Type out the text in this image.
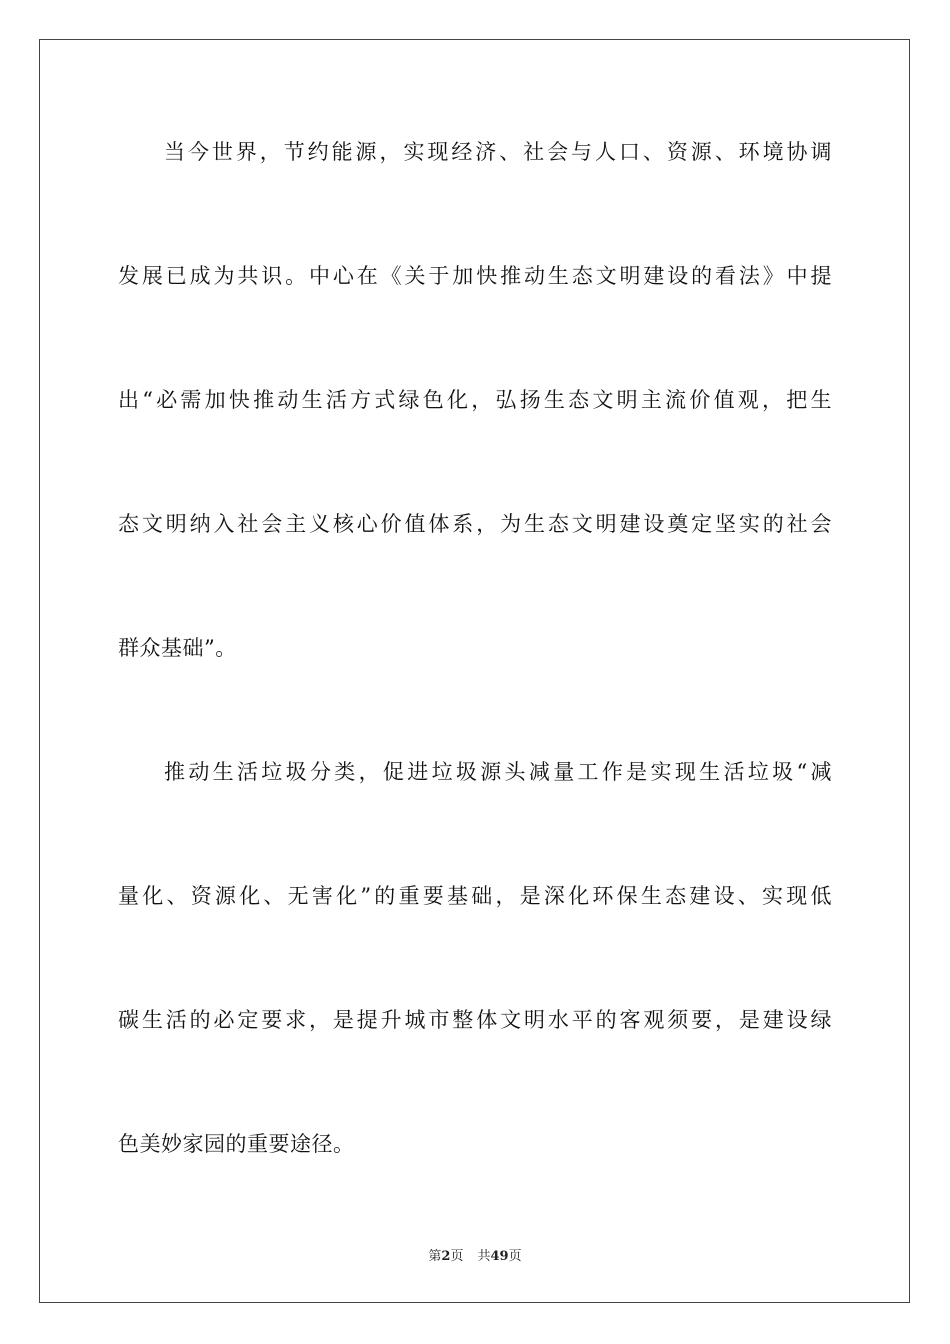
当今世界，节约能源，实现经济、社会与人口、资源、环境协调
发展已成为共识。中心在《关于加快推动生态文明建设的看法》中提
出“必需加快推动生活方式绿色化，弘扬生态文明主流价值观，把生
态文明纳入社会主义核心价值体系，为生态文明建设奠定坚实的社会
群众基础”。
推动生活垃圾分类，促进垃圾源头减量工作是实现生活垃圾“减
量化、资源化、无害化”的重要基础，是深化环保生态建设、实现低
碳生活的必定要求，是提升城市整体文明水平的客观须要，是建设绿
色美妙家园的重要途径。
第2页 共49页
